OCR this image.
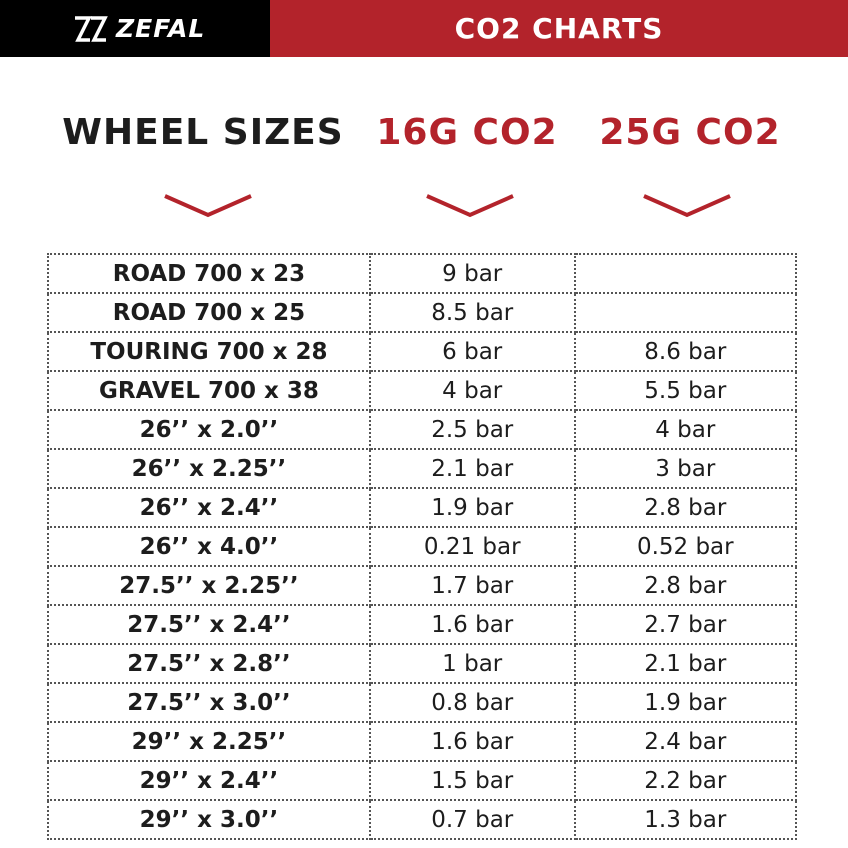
ZEFAL	CO2 CHARTS
WHEEL SIZES 16G CO2 25G CO2
ROAD 700 x 23	9 bar	
ROAD 700 x 25	8.5 bar	
TOURING 700 x 28	6 bar	8.6 bar
GRAVEL 700 x 38	4 bar	5.5 bar
26’’ x 2.0’’	2.5 bar	4 bar
26’’ x 2.25’’	2.1 bar	3 bar
26’’ x 2.4’’	1.9 bar	2.8 bar
26’’ x 4.0’’	0.21 bar	0.52 bar
27.5’’ x 2.25’’	1.7 bar	2.8 bar
27.5’’ x 2.4’’	1.6 bar	2.7 bar
27.5’’ x 2.8’’	1 bar	2.1 bar
27.5’’ x 3.0’’	0.8 bar	1.9 bar
29’’ x 2.25’’	1.6 bar	2.4 bar
29’’ x 2.4’’	1.5 bar	2.2 bar
29’’ x 3.0’’	0.7 bar	1.3 bar
